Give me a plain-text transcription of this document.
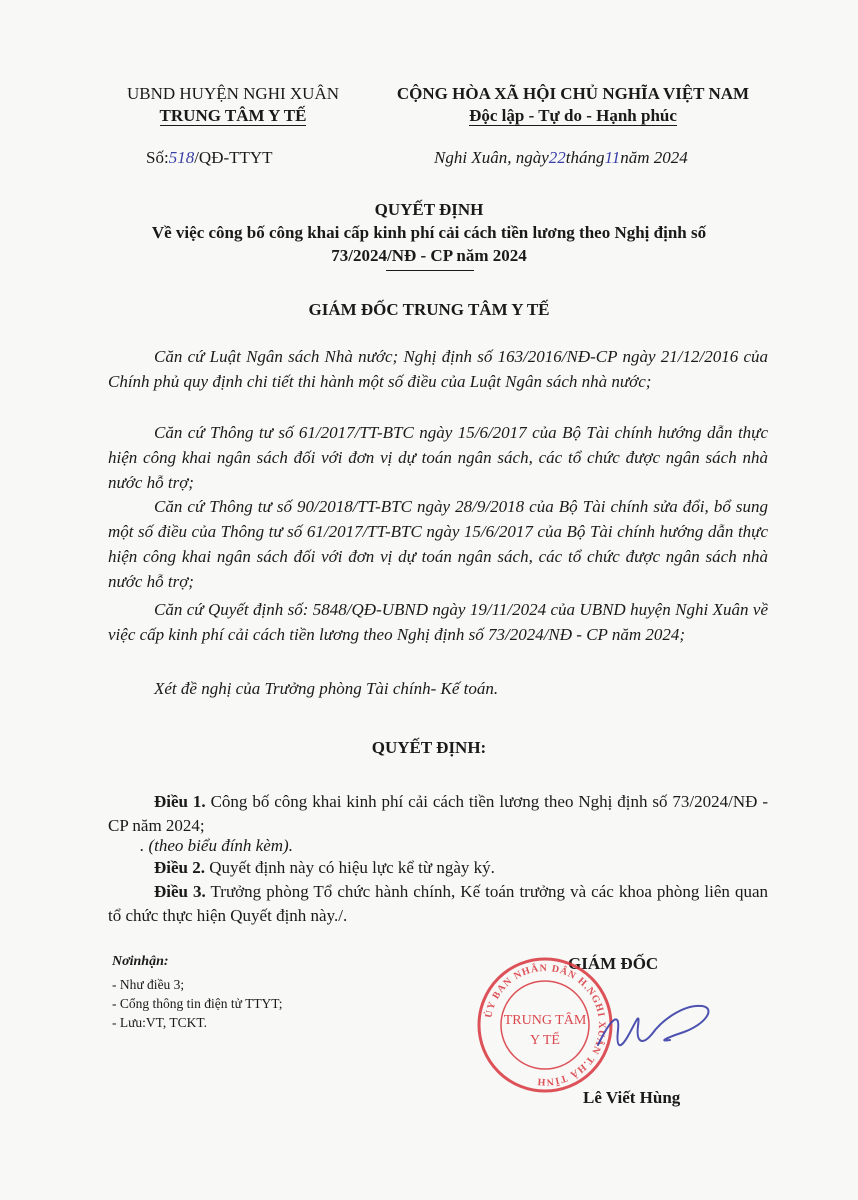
UBND HUYỆN NGHI XUÂN
TRUNG TÂM Y TẾ
Số:518/QĐ-TTYT
CỘNG HÒA XÃ HỘI CHỦ NGHĨA VIỆT NAM
Độc lập - Tự do - Hạnh phúc
Nghi Xuân, ngày22tháng11năm 2024
QUYẾT ĐỊNH
Về việc công bố công khai cấp kinh phí cải cách tiền lương theo Nghị định số
73/2024/NĐ - CP năm 2024
GIÁM ĐỐC TRUNG TÂM Y TẾ
Căn cứ Luật Ngân sách Nhà nước; Nghị định số 163/2016/NĐ-CP ngày 21/12/2016 của Chính phủ quy định chi tiết thi hành một số điều của Luật Ngân sách nhà nước;
Căn cứ Thông tư số 61/2017/TT-BTC ngày 15/6/2017 của Bộ Tài chính hướng dẫn thực hiện công khai ngân sách đối với đơn vị dự toán ngân sách, các tổ chức được ngân sách nhà nước hỗ trợ;
Căn cứ Thông tư số 90/2018/TT-BTC ngày 28/9/2018 của Bộ Tài chính sửa đổi, bổ sung một số điều của Thông tư số 61/2017/TT-BTC ngày 15/6/2017 của Bộ Tài chính hướng dẫn thực hiện công khai ngân sách đối với đơn vị dự toán ngân sách, các tổ chức được ngân sách nhà nước hỗ trợ;
Căn cứ Quyết định số: 5848/QĐ-UBND ngày 19/11/2024 của UBND huyện Nghi Xuân về việc cấp kinh phí cải cách tiền lương theo Nghị định số 73/2024/NĐ - CP năm 2024;
Xét đề nghị của Trưởng phòng Tài chính- Kế toán.
QUYẾT ĐỊNH:
Điều 1. Công bố công khai kinh phí cải cách tiền lương theo Nghị định số 73/2024/NĐ - CP năm 2024;
. (theo biểu đính kèm).
Điều 2. Quyết định này có hiệu lực kể từ ngày ký.
Điều 3. Trưởng phòng Tổ chức hành chính, Kế toán trưởng và các khoa phòng liên quan tổ chức thực hiện Quyết định này./.
Nơinhận:
- Như điều 3;
- Cổng thông tin điện tử TTYT;
- Lưu:VT, TCKT.
GIÁM ĐỐC
ỦY BAN NHÂN DÂN H.NGHI XUÂN T.HÀ TĨNH
TRUNG TÂM
Y TẾ
Lê Viết Hùng
